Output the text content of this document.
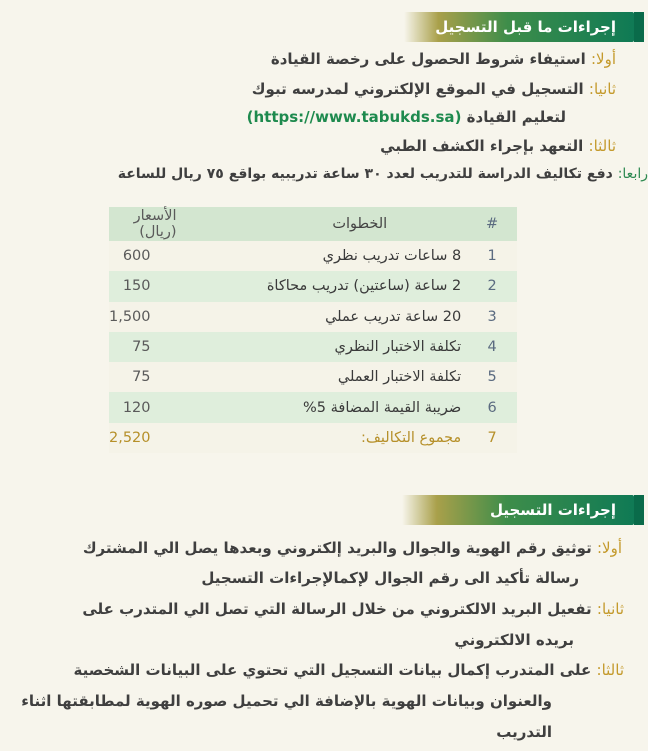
إجراءات ما قبل التسجيل
أولا: استيفاء شروط الحصول على رخصة القيادة
ثانيا: التسجيل في الموقع الإلكتروني لمدرسه تبوك
لتعليم القيادة (https://www.tabukds.sa)
ثالثا: التعهد بإجراء الكشف الطبي
رابعا: دفع تكاليف الدراسة للتدريب لعدد ٣٠ ساعة تدريبيه بواقع ٧٥ ريال للساعة
#	الخطوات	الأسعار (ريال)
1	8 ساعات تدريب نظري	600
2	2 ساعة (ساعتين) تدريب محاكاة	150
3	20 ساعة تدريب عملي	1,500
4	تكلفة الاختبار النظري	75
5	تكلفة الاختبار العملي	75
6	ضريبة القيمة المضافة 5%	120
7	مجموع التكاليف:	2,520
إجراءات التسجيل
أولا: توثيق رقم الهوية والجوال والبريد إلكتروني وبعدها يصل الي المشترك
رسالة تأكيد الى رقم الجوال لإكمالإجراءات التسجيل
ثانيا: تفعيل البريد الالكتروني من خلال الرسالة التي تصل الي المتدرب على
بريده الالكتروني
ثالثا: على المتدرب إكمال بيانات التسجيل التي تحتوي على البيانات الشخصية
والعنوان وبيانات الهوية بالإضافة الي تحميل صوره الهوية لمطابقتها اثناء
التدريب
